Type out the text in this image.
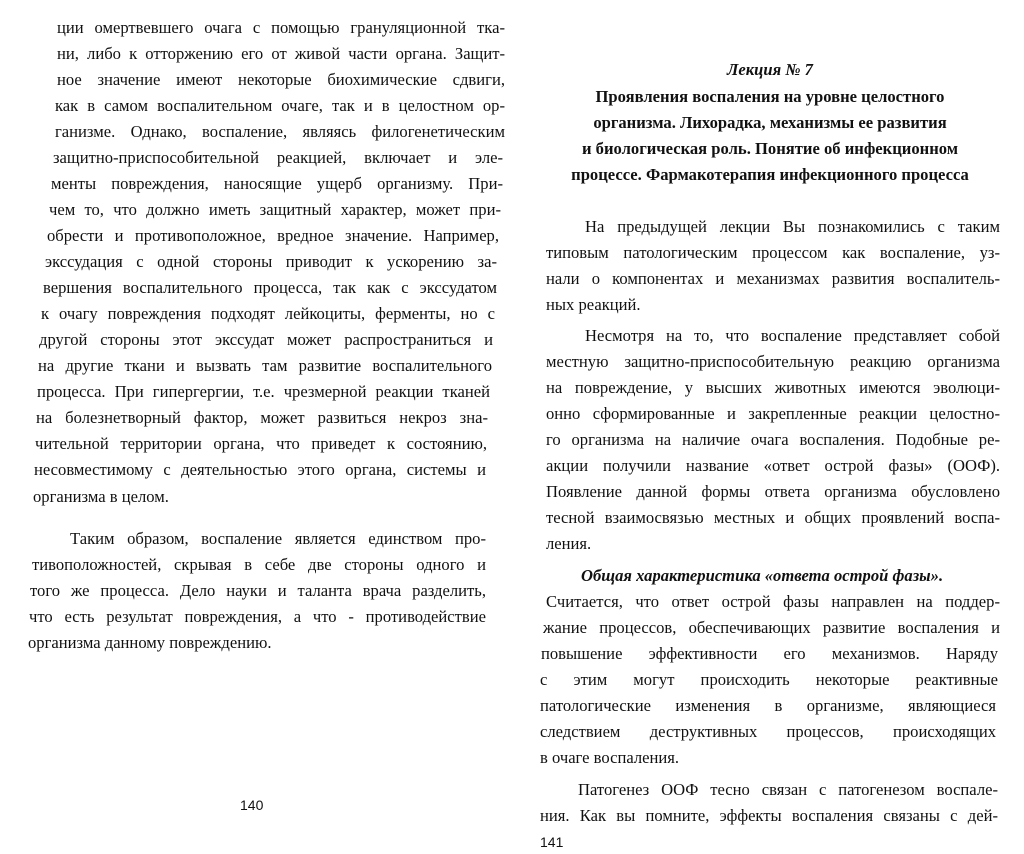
ции омертвевшего очага с помощью грануляционной тка-
ни, либо к отторжению его от живой части органа. Защит-
ное значение имеют некоторые биохимические сдвиги,
как в самом воспалительном очаге, так и в целостном ор-
ганизме. Однако, воспаление, являясь филогенетическим
защитно-приспособительной реакцией, включает и эле-
менты повреждения, наносящие ущерб организму. При-
чем то, что должно иметь защитный характер, может при-
обрести и противоположное, вредное значение. Например,
экссудация с одной стороны приводит к ускорению за-
вершения воспалительного процесса, так как с экссудатом
к очагу повреждения подходят лейкоциты, ферменты, но с
другой стороны этот экссудат может распространиться и
на другие ткани и вызвать там развитие воспалительного
процесса. При гипергергии, т.е. чрезмерной реакции тканей
на болезнетворный фактор, может развиться некроз зна-
чительной территории органа, что приведет к состоянию,
несовместимому с деятельностью этого органа, системы и
организма в целом.
Таким образом, воспаление является единством про-
тивоположностей, скрывая в себе две стороны одного и
того же процесса. Дело науки и таланта врача разделить,
что есть результат повреждения, а что - противодействие
организма данному повреждению.
140
Лекция № 7
Проявления воспаления на уровне целостного
организма. Лихорадка, механизмы ее развития
и биологическая роль. Понятие об инфекционном
процессе. Фармакотерапия инфекционного процесса
На предыдущей лекции Вы познакомились с таким
типовым патологическим процессом как воспаление, уз-
нали о компонентах и механизмах развития воспалитель-
ных реакций.
Несмотря на то, что воспаление представляет собой
местную защитно-приспособительную реакцию организма
на повреждение, у высших животных имеются эволюци-
онно сформированные и закрепленные реакции целостно-
го организма на наличие очага воспаления. Подобные ре-
акции получили название «ответ острой фазы» (ООФ).
Появление данной формы ответа организма обусловлено
тесной взаимосвязью местных и общих проявлений воспа-
ления.
Общая характеристика «ответа острой фазы».
Считается, что ответ острой фазы направлен на поддер-
жание процессов, обеспечивающих развитие воспаления и
повышение эффективности его механизмов. Наряду
с этим могут происходить некоторые реактивные
патологические изменения в организме, являющиеся
следствием деструктивных процессов, происходящих
в очаге воспаления.
Патогенез ООФ тесно связан с патогенезом воспале-
ния. Как вы помните, эффекты воспаления связаны с дей-
141
